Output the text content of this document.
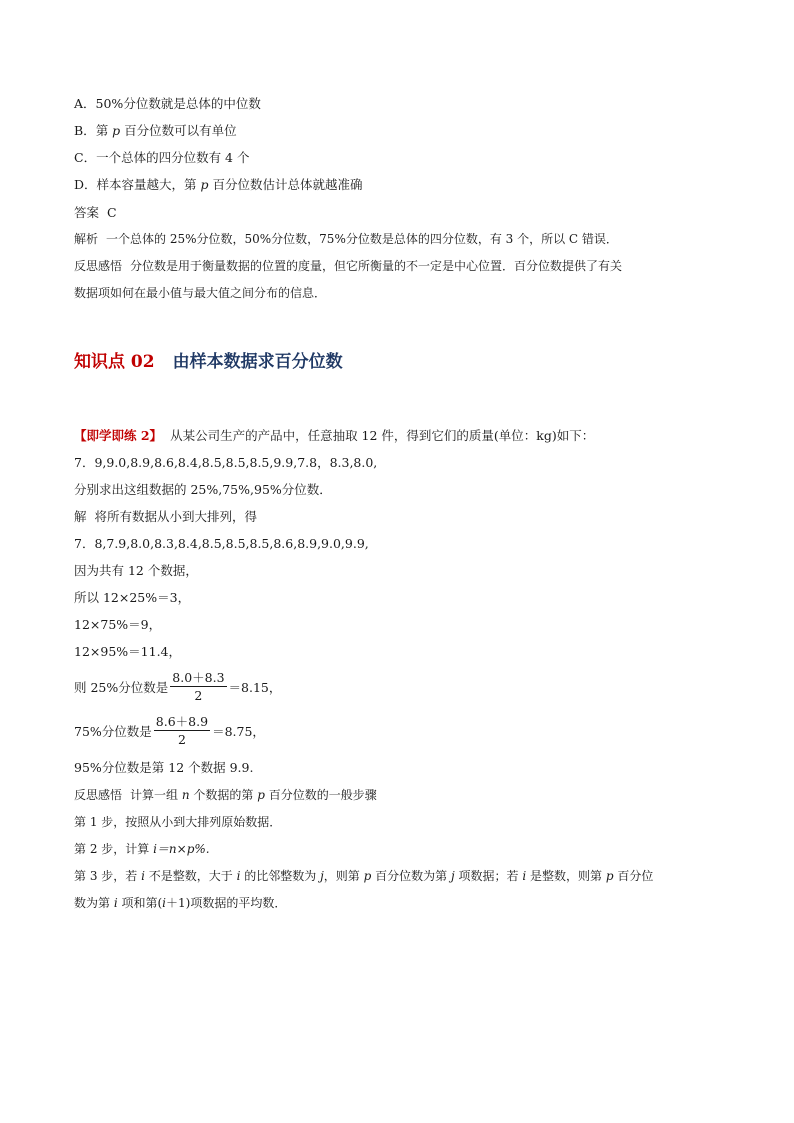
A．50%分位数就是总体的中位数
B．第 p 百分位数可以有单位
C．一个总体的四分位数有 4 个
D．样本容量越大，第 p 百分位数估计总体就越准确
答案 C
解析 一个总体的 25%分位数，50%分位数，75%分位数是总体的四分位数，有 3 个，所以 C 错误．
反思感悟 分位数是用于衡量数据的位置的度量，但它所衡量的不一定是中心位置．百分位数提供了有关
数据项如何在最小值与最大值之间分布的信息．
知识点 02 由样本数据求百分位数
【即学即练 2】 从某公司生产的产品中，任意抽取 12 件，得到它们的质量(单位：kg)如下：
7．9,9.0,8.9,8.6,8.4,8.5,8.5,8.5,9.9,7.8，8.3,8.0,
分别求出这组数据的 25%,75%,95%分位数．
解 将所有数据从小到大排列，得
7．8,7.9,8.0,8.3,8.4,8.5,8.5,8.5,8.6,8.9,9.0,9.9,
因为共有 12 个数据，
所以 12×25%＝3，
12×75%＝9，
12×95%＝11.4，
则 25%分位数是 $\frac{8.0+8.3}{2} =8.15$，
75%分位数是 $\frac{8.6+8.9}{2} =8.75$，
95%分位数是第 12 个数据 9.9.
反思感悟 计算一组 n 个数据的第 p 百分位数的一般步骤
第 1 步，按照从小到大排列原始数据．
第 2 步，计算 i＝n×p%.
第 3 步，若 i 不是整数，大于 i 的比邻整数为 j，则第 p 百分位数为第 j 项数据；若 i 是整数，则第 p 百分位
数为第 i 项和第(i＋1)项数据的平均数．
